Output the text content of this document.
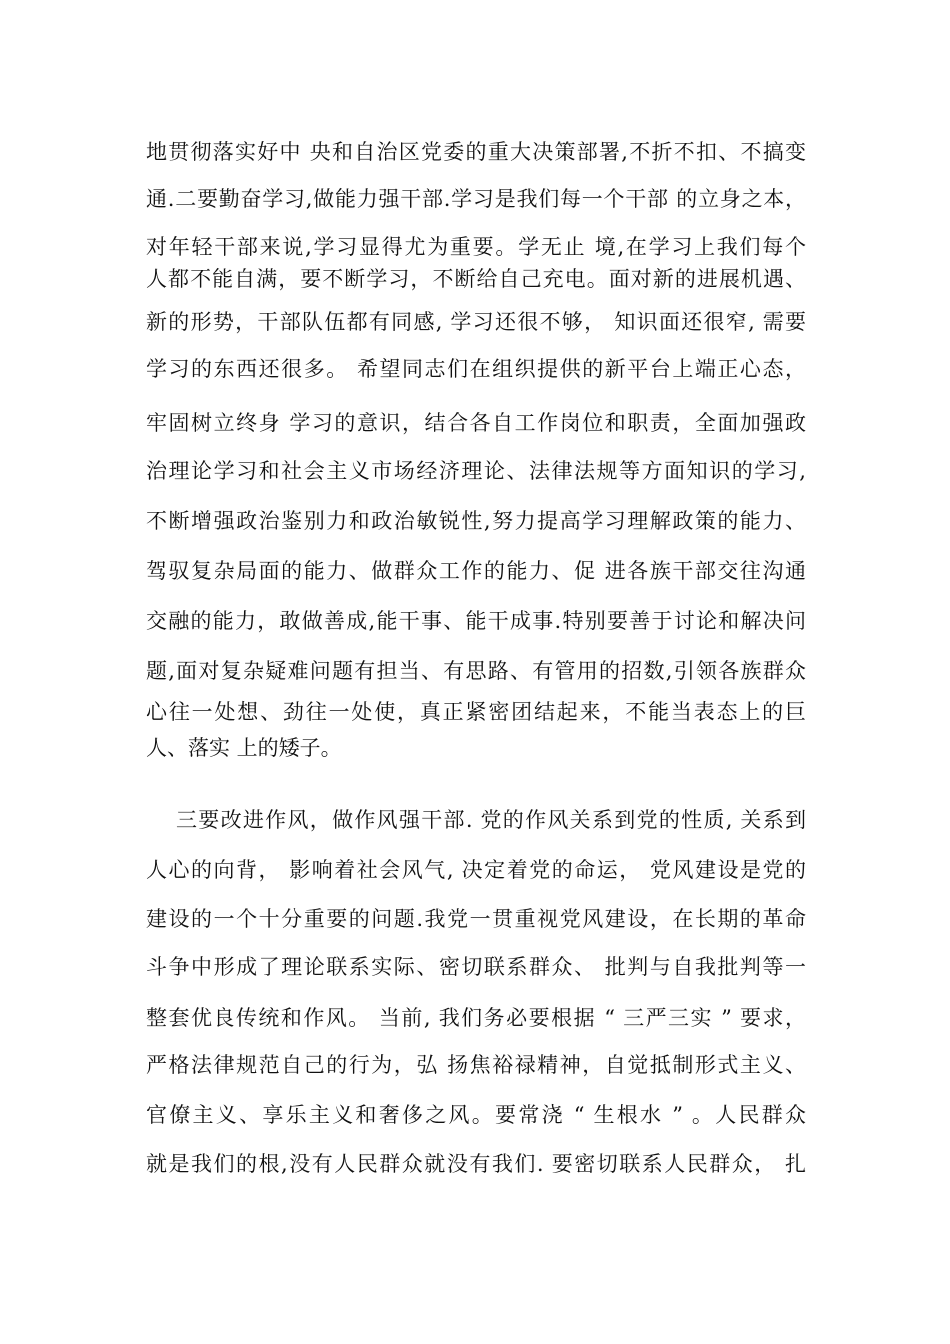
地贯彻落实好中 央和自治区党委的重大决策部署,不折不扣、不搞变
通.二要勤奋学习,做能力强干部.学习是我们每一个干部 的立身之本，
对年轻干部来说,学习显得尤为重要。学无止 境,在学习上我们每个
人都不能自满，要不断学习，不断给自己充电。面对新的进展机遇、
新的形势，干部队伍都有同感, 学习还很不够， 知识面还很窄, 需要
学习的东西还很多。 希望同志们在组织提供的新平台上端正心态，
牢固树立终身 学习的意识，结合各自工作岗位和职责，全面加强政
治理论学习和社会主义市场经济理论、法律法规等方面知识的学习,
不断增强政治鉴别力和政治敏锐性,努力提高学习理解政策的能力、
驾驭复杂局面的能力、做群众工作的能力、促 进各族干部交往沟通
交融的能力，敢做善成,能干事、能干成事.特别要善于讨论和解决问
题,面对复杂疑难问题有担当、有思路、有管用的招数,引领各族群众
心往一处想、劲往一处使，真正紧密团结起来，不能当表态上的巨
人、落实 上的矮子。
三要改进作风，做作风强干部. 党的作风关系到党的性质, 关系到
人心的向背， 影响着社会风气, 决定着党的命运， 党风建设是党的
建设的一个十分重要的问题.我党一贯重视党风建设，在长期的革命
斗争中形成了理论联系实际、密切联系群众、 批判与自我批判等一
整套优良传统和作风。 当前, 我们务必要根据 “ 三严三实 ” 要求，
严格法律规范自己的行为，弘 扬焦裕禄精神，自觉抵制形式主义、
官僚主义、享乐主义和奢侈之风。要常浇 “ 生根水 ” 。人民群众
就是我们的根,没有人民群众就没有我们. 要密切联系人民群众， 扎
